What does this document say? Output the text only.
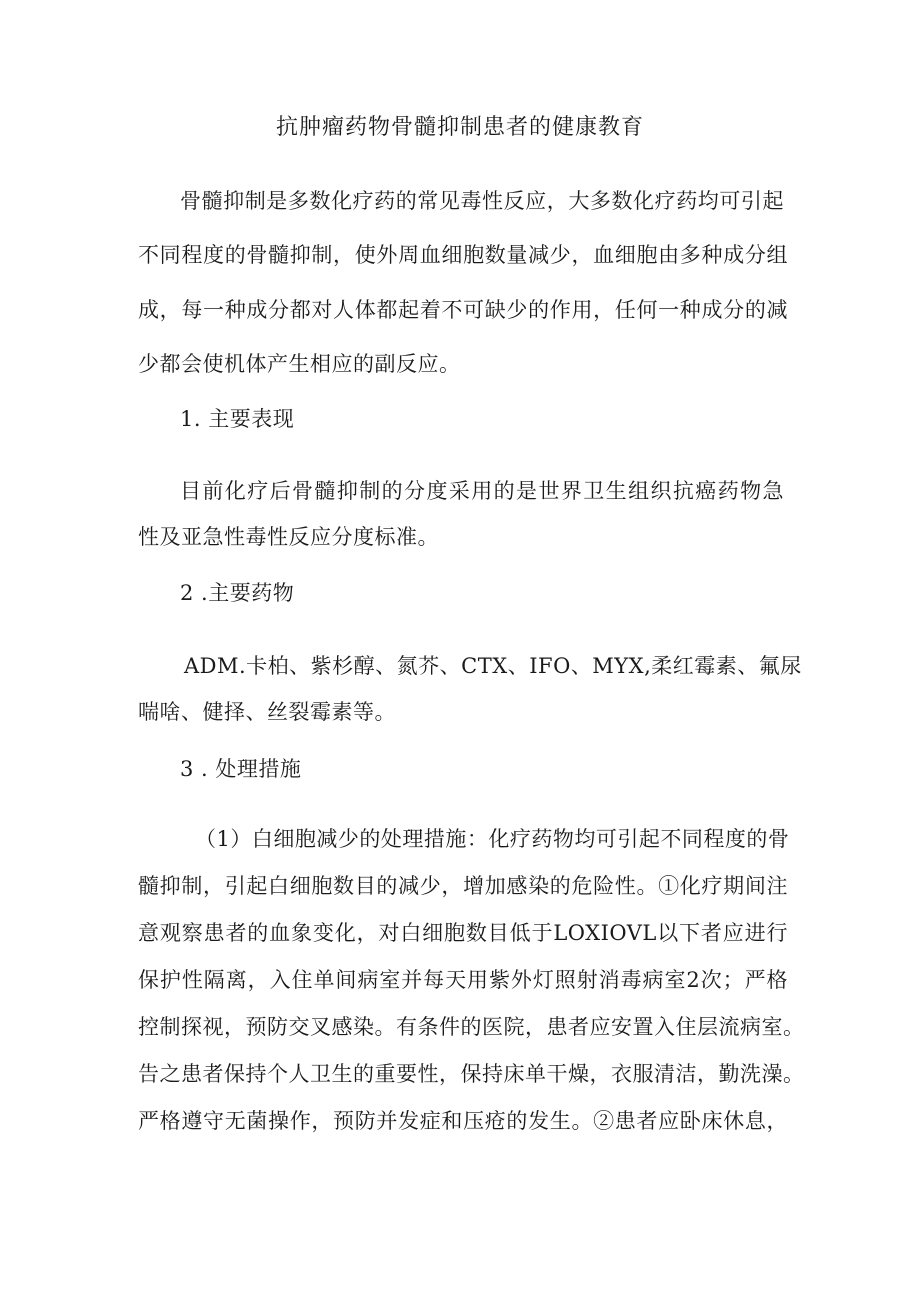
抗肿瘤药物骨髓抑制患者的健康教育
骨髓抑制是多数化疗药的常见毒性反应，大多数化疗药均可引起
不同程度的骨髓抑制，使外周血细胞数量减少，血细胞由多种成分组
成，每一种成分都对人体都起着不可缺少的作用，任何一种成分的减
少都会使机体产生相应的副反应。
1. 主要表现
目前化疗后骨髓抑制的分度采用的是世界卫生组织抗癌药物急
性及亚急性毒性反应分度标准。
2 .主要药物
ADM.卡柏、紫杉醇、氮芥、CTX、IFO、MYX,柔红霉素、氟尿
喘啥、健择、丝裂霉素等。
3 . 处理措施
（1）白细胞减少的处理措施：化疗药物均可引起不同程度的骨
髓抑制，引起白细胞数目的减少，增加感染的危险性。①化疗期间注
意观察患者的血象变化，对白细胞数目低于LOXIOVL以下者应进行
保护性隔离，入住单间病室并每天用紫外灯照射消毒病室2次；严格
控制探视，预防交叉感染。有条件的医院，患者应安置入住层流病室。
告之患者保持个人卫生的重要性，保持床单干燥，衣服清洁，勤洗澡。
严格遵守无菌操作，预防并发症和压疮的发生。②患者应卧床休息，
